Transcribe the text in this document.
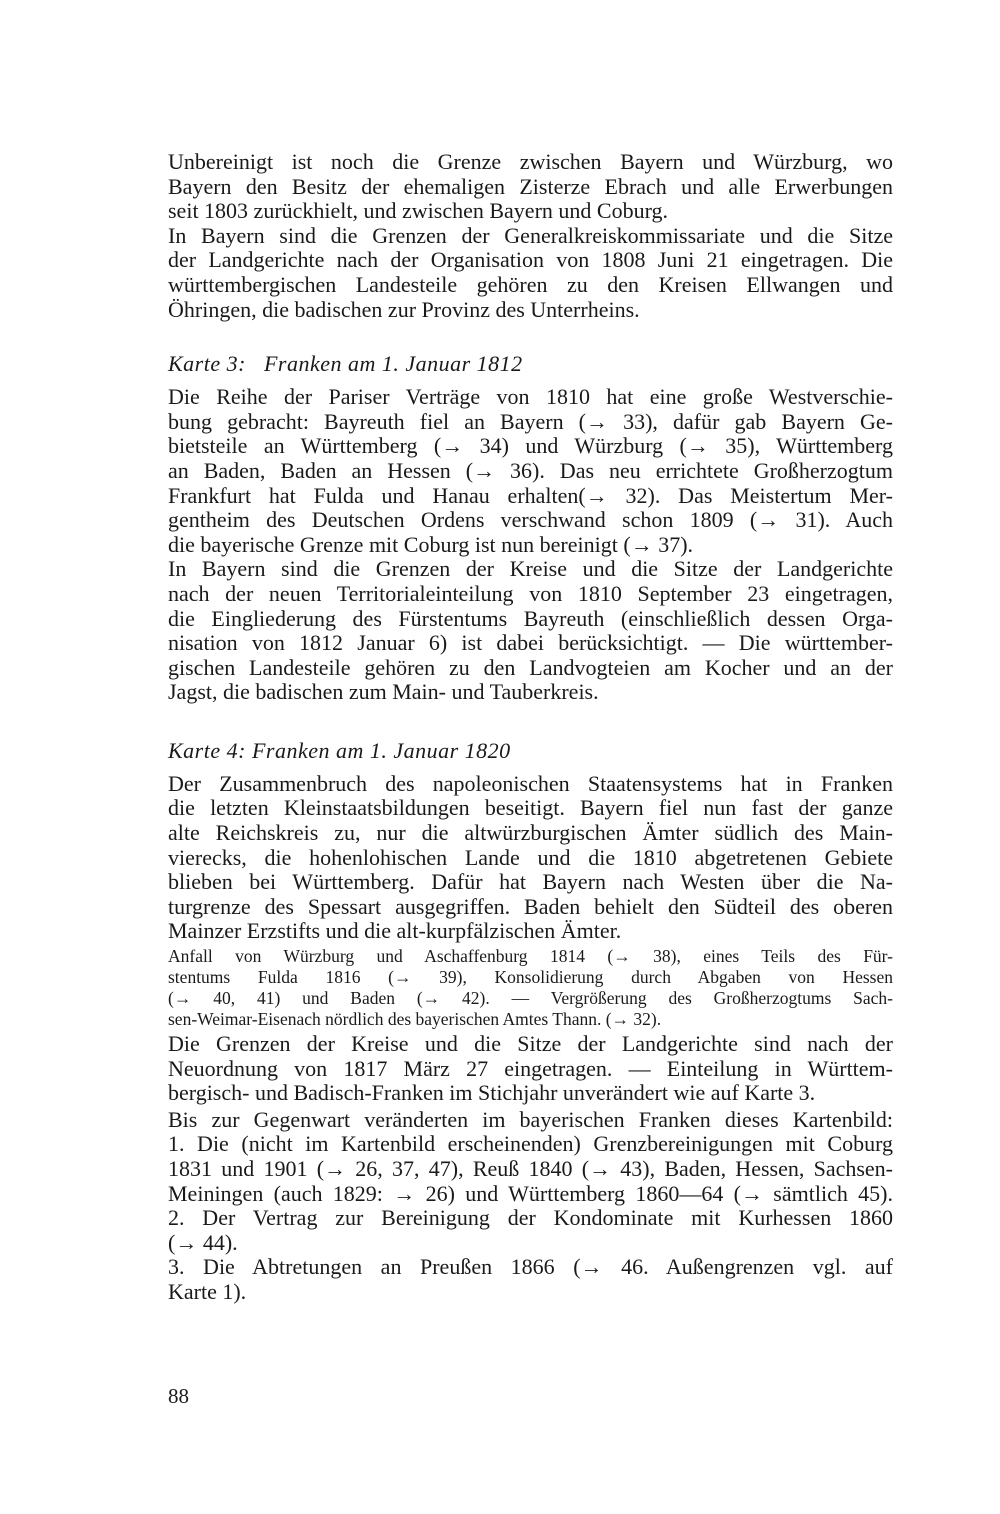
Unbereinigt ist noch die Grenze zwischen Bayern und Würzburg, wo
Bayern den Besitz der ehemaligen Zisterze Ebrach und alle Erwerbungen
seit 1803 zurückhielt, und zwischen Bayern und Coburg.
In Bayern sind die Grenzen der Generalkreiskommissariate und die Sitze
der Landgerichte nach der Organisation von 1808 Juni 21 eingetragen. Die
württembergischen Landesteile gehören zu den Kreisen Ellwangen und
Öhringen, die badischen zur Provinz des Unterrheins.
Karte 3:   Franken am 1. Januar 1812
Die Reihe der Pariser Verträge von 1810 hat eine große Westverschie-
bung gebracht: Bayreuth fiel an Bayern (→ 33), dafür gab Bayern Ge-
bietsteile an Württemberg (→ 34) und Würzburg (→ 35), Württemberg
an Baden, Baden an Hessen (→ 36). Das neu errichtete Großherzogtum
Frankfurt hat Fulda und Hanau erhalten(→ 32). Das Meistertum Mer-
gentheim des Deutschen Ordens verschwand schon 1809 (→ 31). Auch
die bayerische Grenze mit Coburg ist nun bereinigt (→ 37).
In Bayern sind die Grenzen der Kreise und die Sitze der Landgerichte
nach der neuen Territorialeinteilung von 1810 September 23 eingetragen,
die Eingliederung des Fürstentums Bayreuth (einschließlich dessen Orga-
nisation von 1812 Januar 6) ist dabei berücksichtigt. — Die württember-
gischen Landesteile gehören zu den Landvogteien am Kocher und an der
Jagst, die badischen zum Main- und Tauberkreis.
Karte 4: Franken am 1. Januar 1820
Der Zusammenbruch des napoleonischen Staatensystems hat in Franken
die letzten Kleinstaatsbildungen beseitigt. Bayern fiel nun fast der ganze
alte Reichskreis zu, nur die altwürzburgischen Ämter südlich des Main-
vierecks, die hohenlohischen Lande und die 1810 abgetretenen Gebiete
blieben bei Württemberg. Dafür hat Bayern nach Westen über die Na-
turgrenze des Spessart ausgegriffen. Baden behielt den Südteil des oberen
Mainzer Erzstifts und die alt-kurpfälzischen Ämter.
Anfall von Würzburg und Aschaffenburg 1814 (→ 38), eines Teils des Für-
stentums Fulda 1816 (→ 39), Konsolidierung durch Abgaben von Hessen
(→ 40, 41) und Baden (→ 42). — Vergrößerung des Großherzogtums Sach-
sen-Weimar-Eisenach nördlich des bayerischen Amtes Thann. (→ 32).
Die Grenzen der Kreise und die Sitze der Landgerichte sind nach der
Neuordnung von 1817 März 27 eingetragen. — Einteilung in Württem-
bergisch- und Badisch-Franken im Stichjahr unverändert wie auf Karte 3.
Bis zur Gegenwart veränderten im bayerischen Franken dieses Kartenbild:
1. Die (nicht im Kartenbild erscheinenden) Grenzbereinigungen mit Coburg
1831 und 1901 (→ 26, 37, 47), Reuß 1840 (→ 43), Baden, Hessen, Sachsen-
Meiningen (auch 1829: → 26) und Württemberg 1860—64 (→ sämtlich 45).
2. Der Vertrag zur Bereinigung der Kondominate mit Kurhessen 1860
(→ 44).
3. Die Abtretungen an Preußen 1866 (→ 46. Außengrenzen vgl. auf
Karte 1).
88
